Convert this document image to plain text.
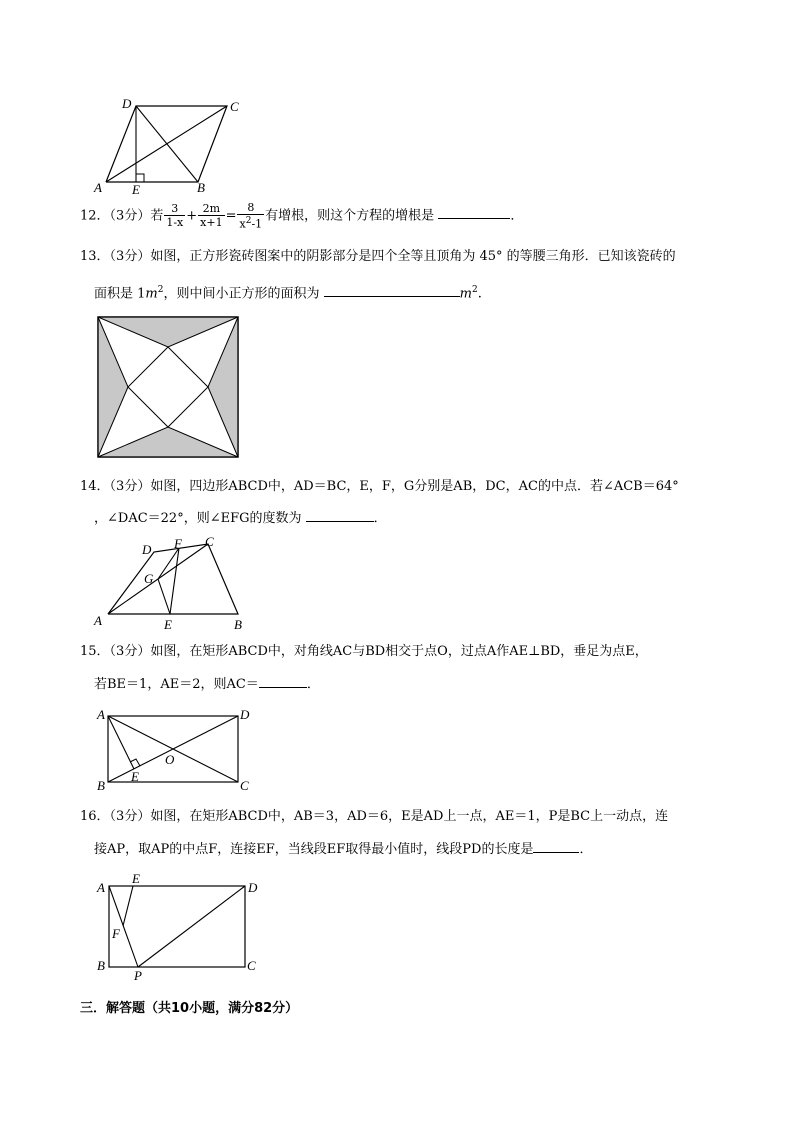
D	C
A E	B
12．（3分）若 $\frac{3}{1-x} + \frac{2m}{x+1} = \frac{8}{x^2-1}$ 有增根，则这个方程的增根是	．
13．（3分）如图，正方形瓷砖图案中的阴影部分是四个全等且顶角为 45° 的等腰三角形．已知该瓷砖的
面积是 $1m^2$，则中间小正方形的面积为	$m^2$.
14．（3分）如图，四边形ABCD中，AD＝BC，E，F，G分别是AB，DC，AC的中点．若∠ACB＝64°
，∠DAC＝22°，则∠EFG的度数为	．
D F C
G
A	E	B
15．（3分）如图，在矩形ABCD中，对角线AC与BD相交于点O，过点A作AE⊥BD，垂足为点E，
若BE＝1，AE＝2，则AC＝	．
A	D
O
E
B	C
16．（3分）如图，在矩形ABCD中，AB＝3，AD＝6，E是AD上一点，AE＝1，P是BC上一动点，连
接AP，取AP的中点F，连接EF，当线段EF取得最小值时，线段PD的长度是	．
A
E
D
F
B
P
C
三．解答题（共10小题，满分82分）
